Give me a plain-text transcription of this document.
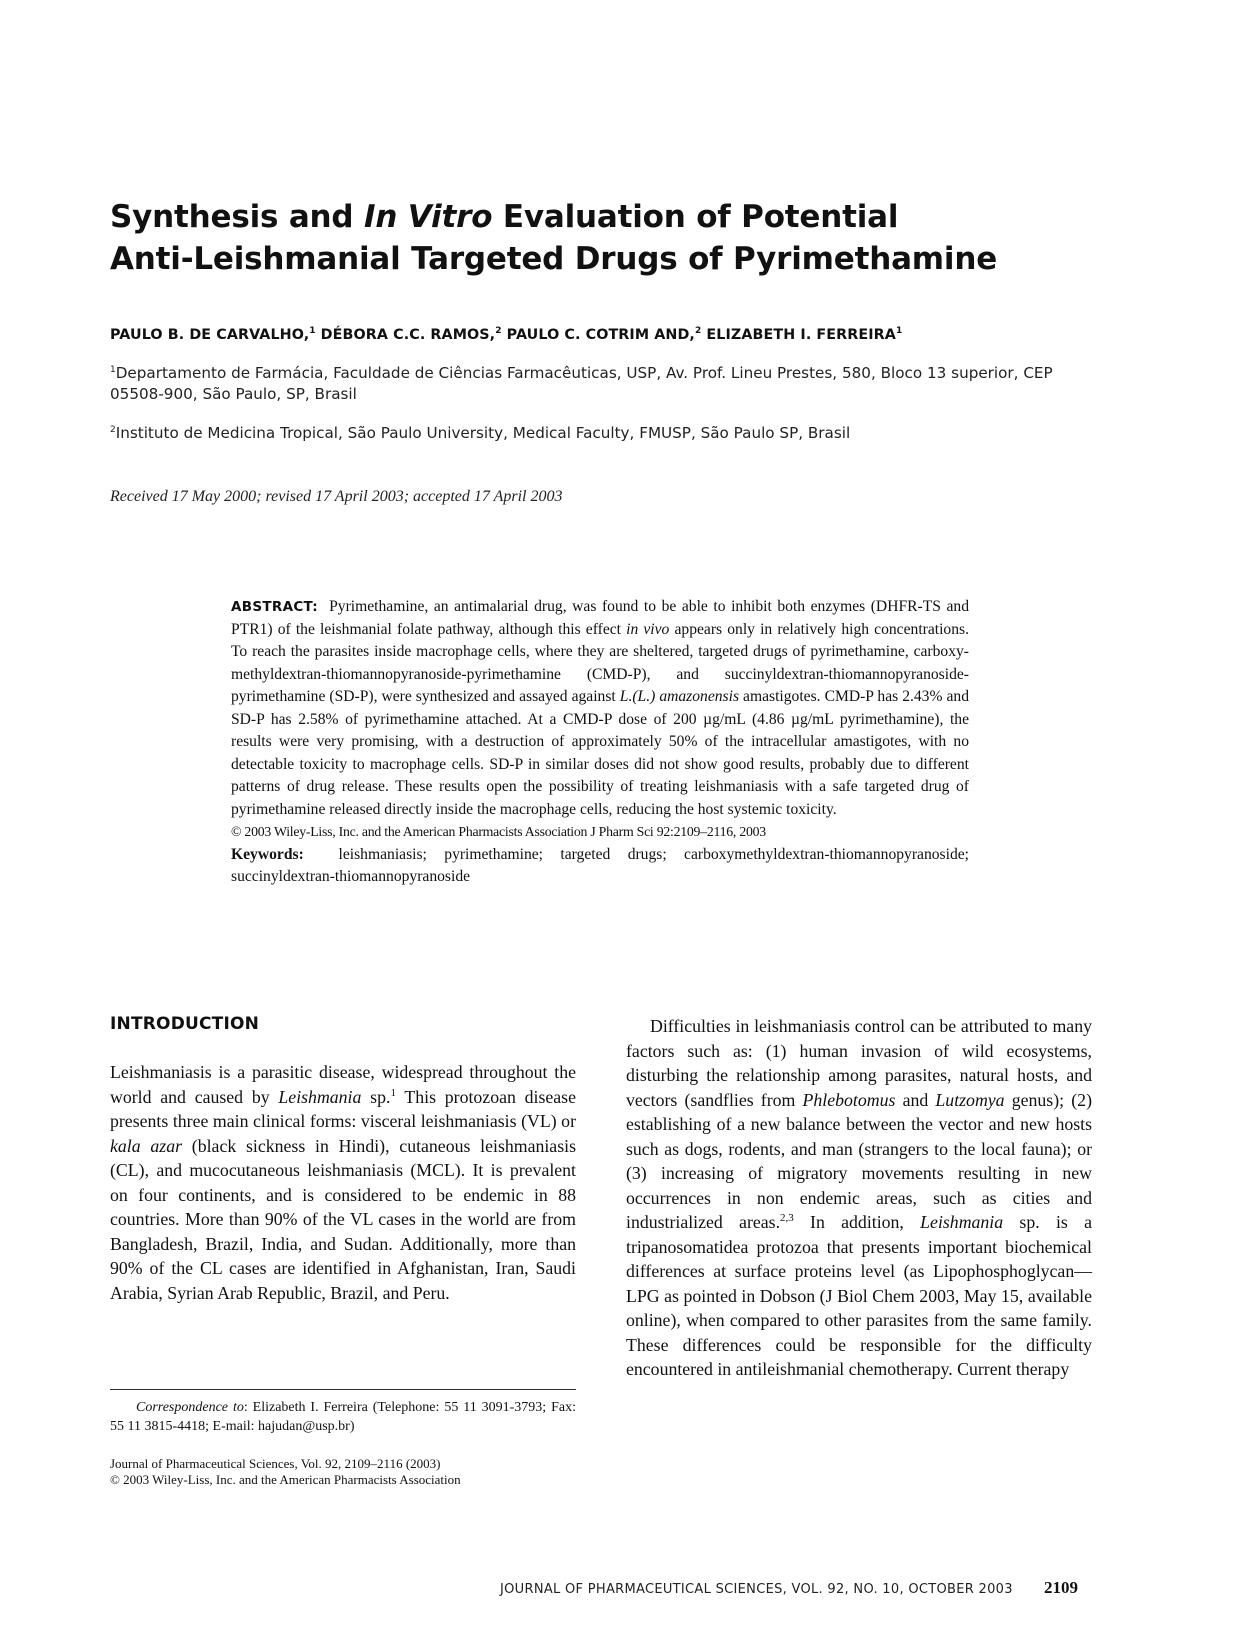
Synthesis and In Vitro Evaluation of Potential
Anti-Leishmanial Targeted Drugs of Pyrimethamine
PAULO B. DE CARVALHO,$^1$ DÉBORA C.C. RAMOS,$^2$ PAULO C. COTRIM AND,$^2$ ELIZABETH I. FERREIRA$^1$
$^1$Departamento de Farmácia, Faculdade de Ciências Farmacêuticas, USP, Av. Prof. Lineu Prestes, 580, Bloco 13 superior, CEP 05508-900, São Paulo, SP, Brasil
$^2$Instituto de Medicina Tropical, São Paulo University, Medical Faculty, FMUSP, São Paulo SP, Brasil
Received 17 May 2000; revised 17 April 2003; accepted 17 April 2003
ABSTRACT: Pyrimethamine, an antimalarial drug, was found to be able to inhibit both enzymes (DHFR-TS and PTR1) of the leishmanial folate pathway, although this effect in vivo appears only in relatively high concentrations. To reach the parasites inside macrophage cells, where they are sheltered, targeted drugs of pyrimethamine, carboxy-methyldextran-thiomannopyranoside-pyrimethamine (CMD-P), and succinyldextran-thiomannopyranoside-pyrimethamine (SD-P), were synthesized and assayed against L.(L.) amazonensis amastigotes. CMD-P has 2.43% and SD-P has 2.58% of pyrimethamine attached. At a CMD-P dose of 200 µg/mL (4.86 µg/mL pyrimethamine), the results were very promising, with a destruction of approximately 50% of the intracellular amastigotes, with no detectable toxicity to macrophage cells. SD-P in similar doses did not show good results, probably due to different patterns of drug release. These results open the possibility of treating leishmaniasis with a safe targeted drug of pyrimethamine released directly inside the macrophage cells, reducing the host systemic toxicity.
© 2003 Wiley-Liss, Inc. and the American Pharmacists Association J Pharm Sci 92:2109–2116, 2003
Keywords: leishmaniasis; pyrimethamine; targeted drugs; carboxymethyldextran-thiomannopyranoside; succinyldextran-thiomannopyranoside
INTRODUCTION
Leishmaniasis is a parasitic disease, widespread throughout the world and caused by Leishmania sp.$^1$ This protozoan disease presents three main clinical forms: visceral leishmaniasis (VL) or kala azar (black sickness in Hindi), cutaneous leishmaniasis (CL), and mucocutaneous leishmaniasis (MCL). It is prevalent on four continents, and is considered to be endemic in 88 countries. More than 90% of the VL cases in the world are from Bangladesh, Brazil, India, and Sudan. Additionally, more than 90% of the CL cases are identified in Afghanistan, Iran, Saudi Arabia, Syrian Arab Republic, Brazil, and Peru.
Correspondence to: Elizabeth I. Ferreira (Telephone: 55 11 3091-3793; Fax: 55 11 3815-4418; E-mail: hajudan@usp.br)
Journal of Pharmaceutical Sciences, Vol. 92, 2109–2116 (2003)
© 2003 Wiley-Liss, Inc. and the American Pharmacists Association
Difficulties in leishmaniasis control can be attributed to many factors such as: (1) human invasion of wild ecosystems, disturbing the relationship among parasites, natural hosts, and vectors (sandflies from Phlebotomus and Lutzomya genus); (2) establishing of a new balance between the vector and new hosts such as dogs, rodents, and man (strangers to the local fauna); or (3) increasing of migratory movements resulting in new occurrences in non endemic areas, such as cities and industrialized areas.$^{2,3}$ In addition, Leishmania sp. is a tripanosomatidea protozoa that presents important biochemical differences at surface proteins level (as Lipophosphoglycan—LPG as pointed in Dobson (J Biol Chem 2003, May 15, available online), when compared to other parasites from the same family. These differences could be responsible for the difficulty encountered in antileishmanial chemotherapy. Current therapy
JOURNAL OF PHARMACEUTICAL SCIENCES, VOL. 92, NO. 10, OCTOBER 2003 2109
